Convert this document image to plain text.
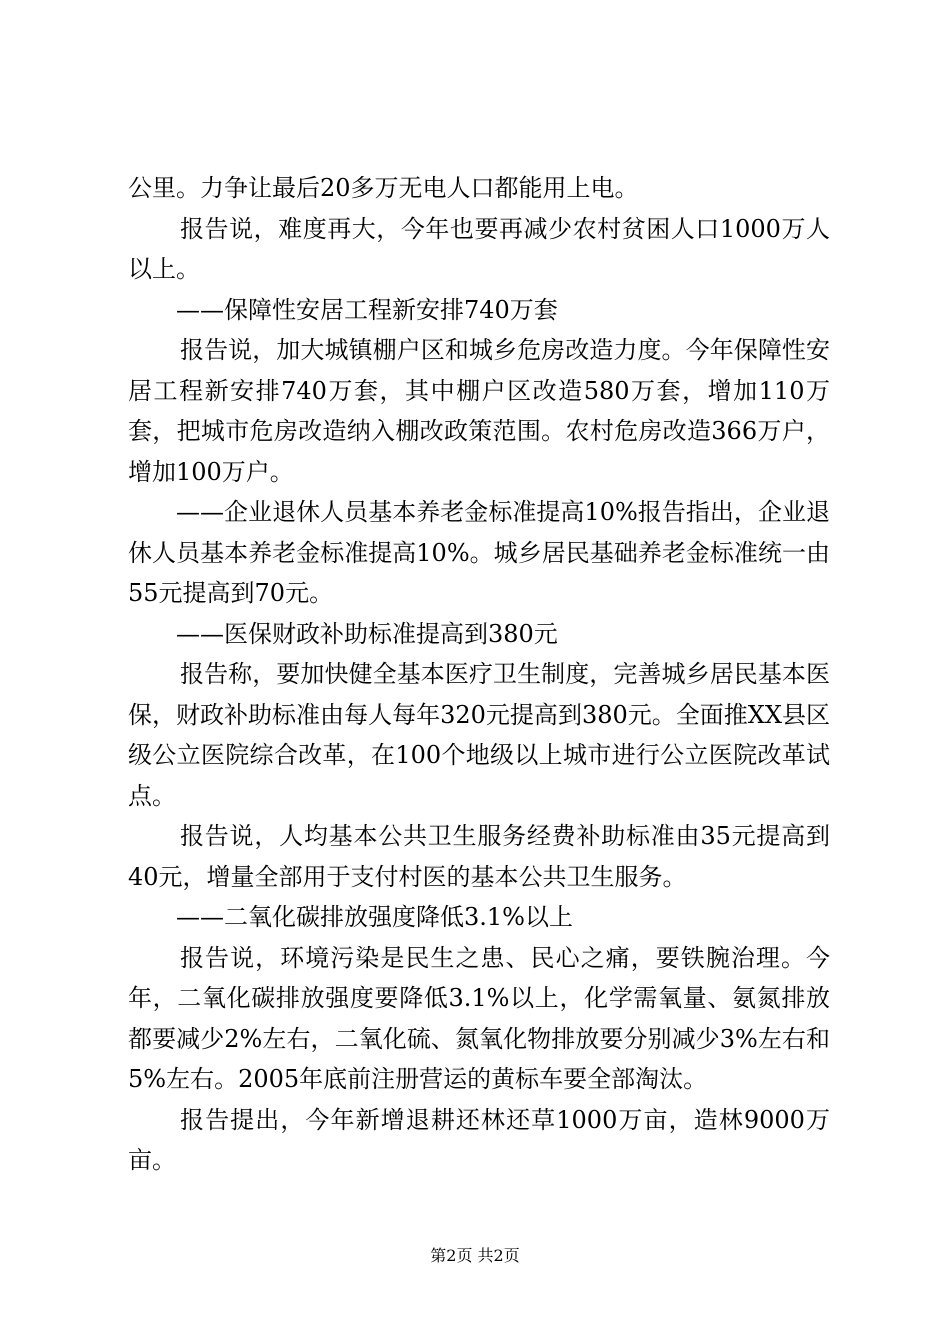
公里。力争让最后20多万无电人口都能用上电。

报告说，难度再大，今年也要再减少农村贫困人口1000万人以上。

——保障性安居工程新安排740万套

报告说，加大城镇棚户区和城乡危房改造力度。今年保障性安居工程新安排740万套，其中棚户区改造580万套，增加110万套，把城市危房改造纳入棚改政策范围。农村危房改造366万户，增加100万户。

——企业退休人员基本养老金标准提高10%报告指出，企业退休人员基本养老金标准提高10%。城乡居民基础养老金标准统一由55元提高到70元。

——医保财政补助标准提高到380元

报告称，要加快健全基本医疗卫生制度，完善城乡居民基本医保，财政补助标准由每人每年320元提高到380元。全面推XX县区级公立医院综合改革，在100个地级以上城市进行公立医院改革试点。

报告说，人均基本公共卫生服务经费补助标准由35元提高到40元，增量全部用于支付村医的基本公共卫生服务。

——二氧化碳排放强度降低3.1%以上

报告说，环境污染是民生之患、民心之痛，要铁腕治理。今年，二氧化碳排放强度要降低3.1%以上，化学需氧量、氨氮排放都要减少2%左右，二氧化硫、氮氧化物排放要分别减少3%左右和5%左右。2005年底前注册营运的黄标车要全部淘汰。

报告提出，今年新增退耕还林还草1000万亩，造林9000万亩。

第2页 共2页
